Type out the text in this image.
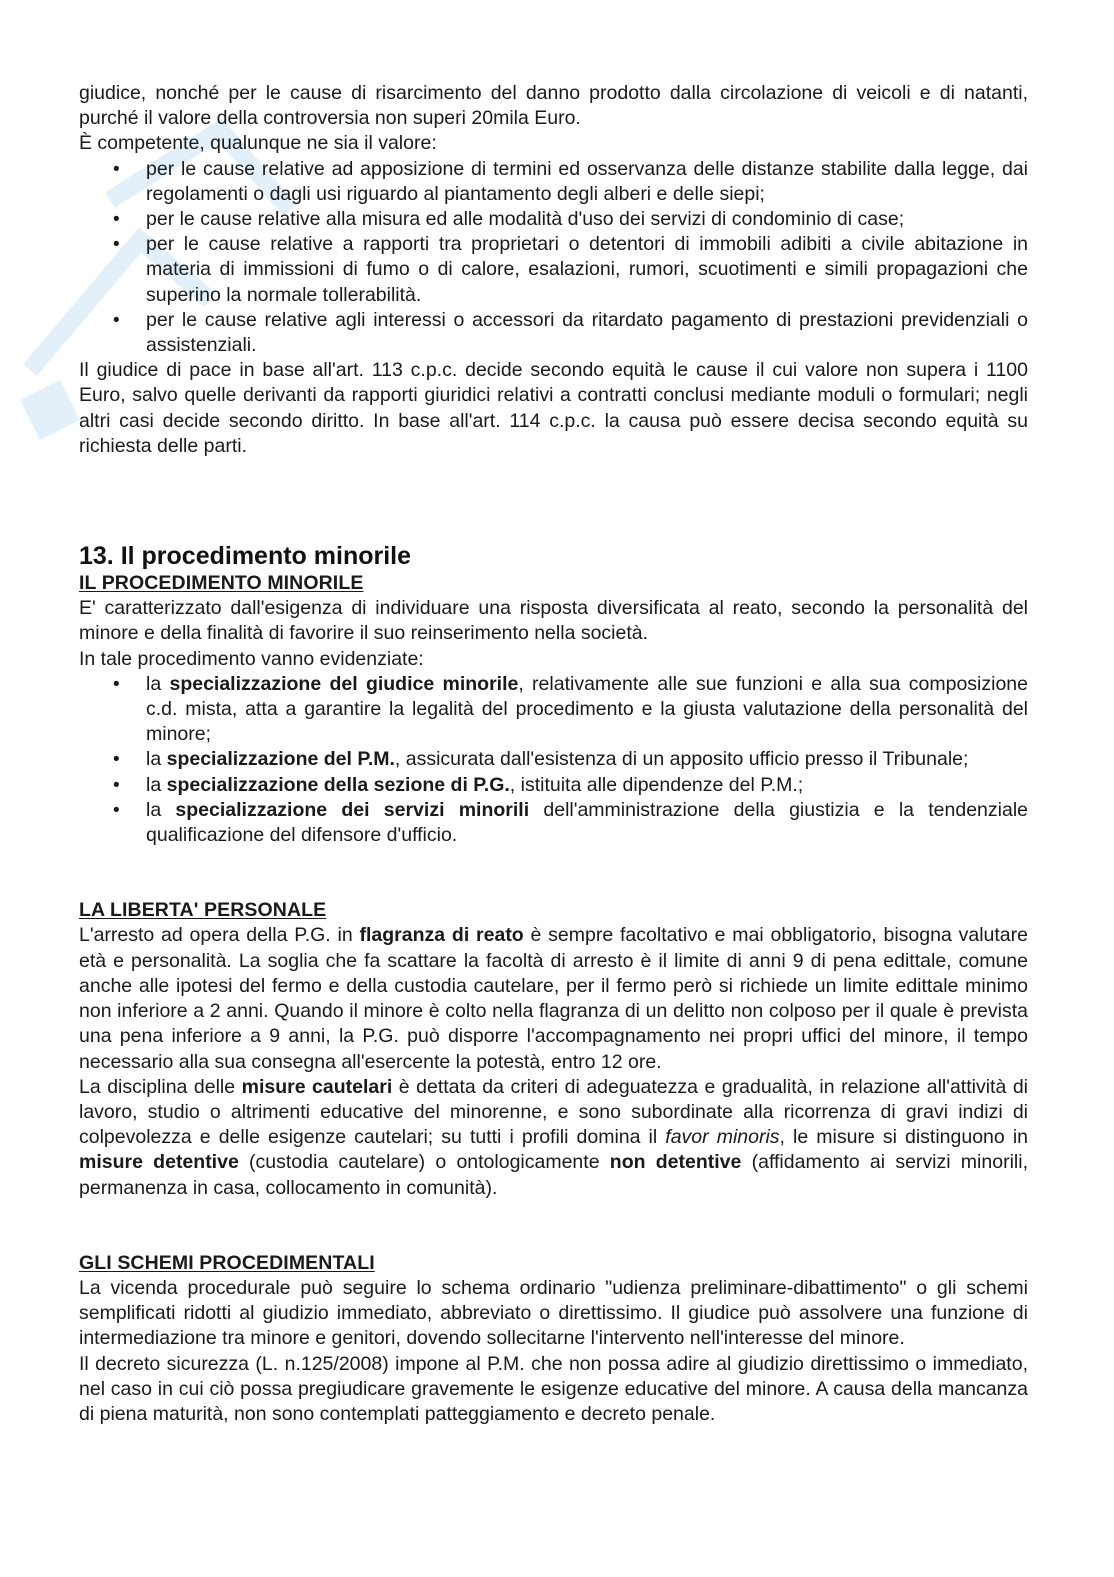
giudice, nonché per le cause di risarcimento del danno prodotto dalla circolazione di veicoli e di natanti, purché il valore della controversia non superi 20mila Euro.

È competente, qualunque ne sia il valore:

• per le cause relative ad apposizione di termini ed osservanza delle distanze stabilite dalla legge, dai regolamenti o dagli usi riguardo al piantamento degli alberi e delle siepi;
• per le cause relative alla misura ed alle modalità d'uso dei servizi di condominio di case;
• per le cause relative a rapporti tra proprietari o detentori di immobili adibiti a civile abitazione in materia di immissioni di fumo o di calore, esalazioni, rumori, scuotimenti e simili propagazioni che superino la normale tollerabilità.
• per le cause relative agli interessi o accessori da ritardato pagamento di prestazioni previdenziali o assistenziali.

Il giudice di pace in base all'art. 113 c.p.c. decide secondo equità le cause il cui valore non supera i 1100 Euro, salvo quelle derivanti da rapporti giuridici relativi a contratti conclusi mediante moduli o formulari; negli altri casi decide secondo diritto. In base all'art. 114 c.p.c. la causa può essere decisa secondo equità su richiesta delle parti.

13. Il procedimento minorile

IL PROCEDIMENTO MINORILE

E' caratterizzato dall'esigenza di individuare una risposta diversificata al reato, secondo la personalità del minore e della finalità di favorire il suo reinserimento nella società.

In tale procedimento vanno evidenziate:

• la specializzazione del giudice minorile, relativamente alle sue funzioni e alla sua composizione c.d. mista, atta a garantire la legalità del procedimento e la giusta valutazione della personalità del minore;
• la specializzazione del P.M., assicurata dall'esistenza di un apposito ufficio presso il Tribunale;
• la specializzazione della sezione di P.G., istituita alle dipendenze del P.M.;
• la specializzazione dei servizi minorili dell'amministrazione della giustizia e la tendenziale qualificazione del difensore d'ufficio.

LA LIBERTA' PERSONALE

L'arresto ad opera della P.G. in flagranza di reato è sempre facoltativo e mai obbligatorio, bisogna valutare età e personalità. La soglia che fa scattare la facoltà di arresto è il limite di anni 9 di pena edittale, comune anche alle ipotesi del fermo e della custodia cautelare, per il fermo però si richiede un limite edittale minimo non inferiore a 2 anni. Quando il minore è colto nella flagranza di un delitto non colposo per il quale è prevista una pena inferiore a 9 anni, la P.G. può disporre l'accompagnamento nei propri uffici del minore, il tempo necessario alla sua consegna all'esercente la potestà, entro 12 ore.

La disciplina delle misure cautelari è dettata da criteri di adeguatezza e gradualità, in relazione all'attività di lavoro, studio o altrimenti educative del minorenne, e sono subordinate alla ricorrenza di gravi indizi di colpevolezza e delle esigenze cautelari; su tutti i profili domina il favor minoris, le misure si distinguono in misure detentive (custodia cautelare) o ontologicamente non detentive (affidamento ai servizi minorili, permanenza in casa, collocamento in comunità).

GLI SCHEMI PROCEDIMENTALI

La vicenda procedurale può seguire lo schema ordinario "udienza preliminare-dibattimento" o gli schemi semplificati ridotti al giudizio immediato, abbreviato o direttissimo. Il giudice può assolvere una funzione di intermediazione tra minore e genitori, dovendo sollecitarne l'intervento nell'interesse del minore.

Il decreto sicurezza (L. n.125/2008) impone al P.M. che non possa adire al giudizio direttissimo o immediato, nel caso in cui ciò possa pregiudicare gravemente le esigenze educative del minore. A causa della mancanza di piena maturità, non sono contemplati patteggiamento e decreto penale.
